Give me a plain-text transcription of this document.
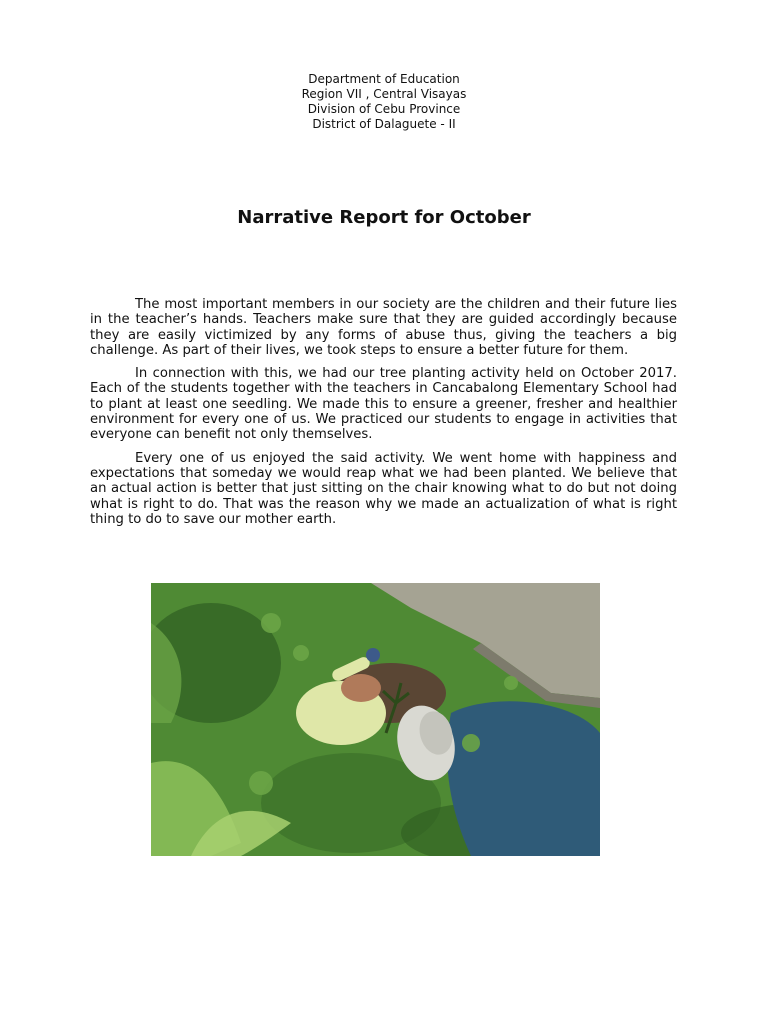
Department of Education
Region VII , Central Visayas
Division of Cebu Province
District of Dalaguete - II
Narrative Report for October

The most important members in our society are the children and their future lies in the teacher’s hands. Teachers make sure that they are guided accordingly because they are easily victimized by any forms of abuse thus, giving the teachers a big challenge. As part of their lives, we took steps to ensure a better future for them.

In connection with this, we had our tree planting activity held on October 2017. Each of the students together with the teachers in Cancabalong Elementary School had to plant at least one seedling. We made this to ensure a greener, fresher and healthier environment for every one of us. We practiced our students to engage in activities that everyone can benefit not only themselves.

Every one of us enjoyed the said activity. We went home with happiness and expectations that someday we would reap what we had been planted. We believe that an actual action is better that just sitting on the chair knowing what to do but not doing what is right to do. That was the reason why we made an actualization of what is right thing to do to save our mother earth.
